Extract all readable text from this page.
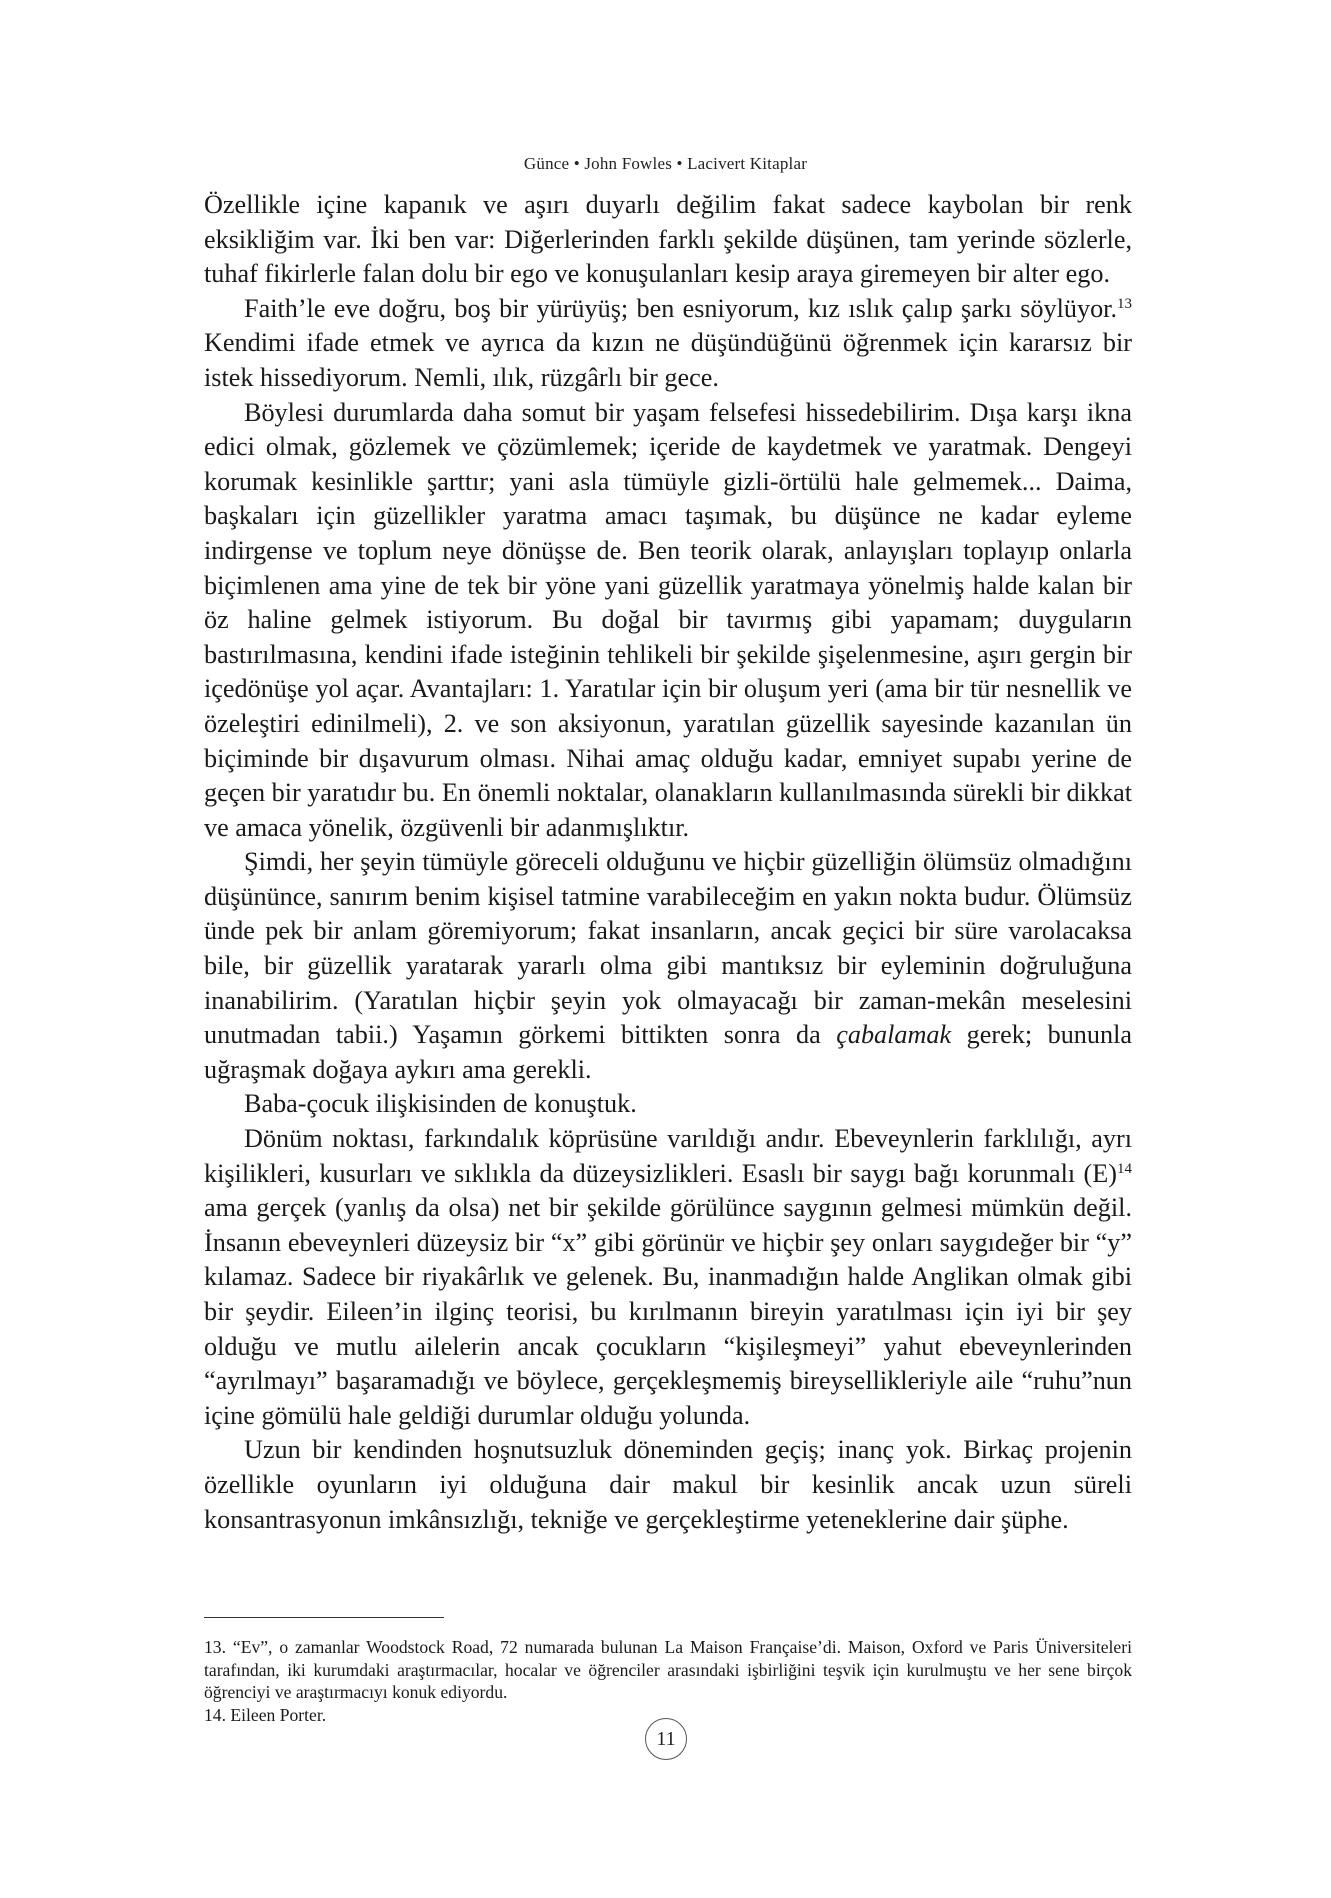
Günce • John Fowles • Lacivert Kitaplar

Özellikle içine kapanık ve aşırı duyarlı değilim fakat sadece kaybolan bir renk eksikliğim var. İki ben var: Diğerlerinden farklı şekilde düşünen, tam yerinde sözlerle, tuhaf fikirlerle falan dolu bir ego ve konuşulanları kesip araya giremeyen bir alter ego.

Faith’le eve doğru, boş bir yürüyüş; ben esniyorum, kız ıslık çalıp şarkı söylüyor.$^{13}$ Kendimi ifade etmek ve ayrıca da kızın ne düşündüğünü öğrenmek için kararsız bir istek hissediyorum. Nemli, ılık, rüzgârlı bir gece.

Böylesi durumlarda daha somut bir yaşam felsefesi hissedebilirim. Dışa karşı ikna edici olmak, gözlemek ve çözümlemek; içeride de kaydetmek ve yaratmak. Dengeyi korumak kesinlikle şarttır; yani asla tümüyle gizli-örtülü hale gelmemek... Daima, başkaları için güzellikler yaratma amacı taşımak, bu düşünce ne kadar eyleme indirgense ve toplum neye dönüşse de. Ben teorik olarak, anlayışları toplayıp onlarla biçimlenen ama yine de tek bir yöne yani güzellik yaratmaya yönelmiş halde kalan bir öz haline gelmek istiyorum. Bu doğal bir tavırmış gibi yapamam; duyguların bastırılmasına, kendini ifade isteğinin tehlikeli bir şekilde şişelenmesine, aşırı gergin bir içedönüşe yol açar. Avantajları: 1. Yaratılar için bir oluşum yeri (ama bir tür nesnellik ve özeleştiri edinilmeli), 2. ve son aksiyonun, yaratılan güzellik sayesinde kazanılan ün biçiminde bir dışavurum olması. Nihai amaç olduğu kadar, emniyet supabı yerine de geçen bir yaratıdır bu. En önemli noktalar, olanakların kullanılmasında sürekli bir dikkat ve amaca yönelik, özgüvenli bir adanmışlıktır.

Şimdi, her şeyin tümüyle göreceli olduğunu ve hiçbir güzelliğin ölümsüz olmadığını düşününce, sanırım benim kişisel tatmine varabileceğim en yakın nokta budur. Ölümsüz ünde pek bir anlam göremiyorum; fakat insanların, ancak geçici bir süre varolacaksa bile, bir güzellik yaratarak yararlı olma gibi mantıksız bir eyleminin doğruluğuna inanabilirim. (Yaratılan hiçbir şeyin yok olmayacağı bir zaman-mekân meselesini unutmadan tabii.) Yaşamın görkemi bittikten sonra da çabalamak gerek; bununla uğraşmak doğaya aykırı ama gerekli.

Baba-çocuk ilişkisinden de konuştuk.

Dönüm noktası, farkındalık köprüsüne varıldığı andır. Ebeveynlerin farklılığı, ayrı kişilikleri, kusurları ve sıklıkla da düzeysizlikleri. Esaslı bir saygı bağı korunmalı $(E)^{14}$ ama gerçek (yanlış da olsa) net bir şekilde görülünce saygının gelmesi mümkün değil. İnsanın ebeveynleri düzeysiz bir “x” gibi görünür ve hiçbir şey onları saygıdeğer bir “y” kılamaz. Sadece bir riyakârlık ve gelenek. Bu, inanmadığın halde Anglikan olmak gibi bir şeydir. Eileen’in ilginç teorisi, bu kırılmanın bireyin yaratılması için iyi bir şey olduğu ve mutlu ailelerin ancak çocukların “kişileşmeyi” yahut ebeveynlerinden “ayrılmayı” başaramadığı ve böylece, gerçekleşmemiş bireysellikleriyle aile “ruhu”nun içine gömülü hale geldiği durumlar olduğu yolunda.

Uzun bir kendinden hoşnutsuzluk döneminden geçiş; inanç yok. Birkaç projenin özellikle oyunların iyi olduğuna dair makul bir kesinlik ancak uzun süreli konsantrasyonun imkânsızlığı, tekniğe ve gerçekleştirme yeteneklerine dair şüphe.

13. “Ev”, o zamanlar Woodstock Road, 72 numarada bulunan La Maison Française’di. Maison, Oxford ve Paris Üniversiteleri tarafından, iki kurumdaki araştırmacılar, hocalar ve öğrenciler arasındaki işbirliğini teşvik için kurulmuştu ve her sene birçok öğrenciyi ve araştırmacıyı konuk ediyordu.

14. Eileen Porter.

11
